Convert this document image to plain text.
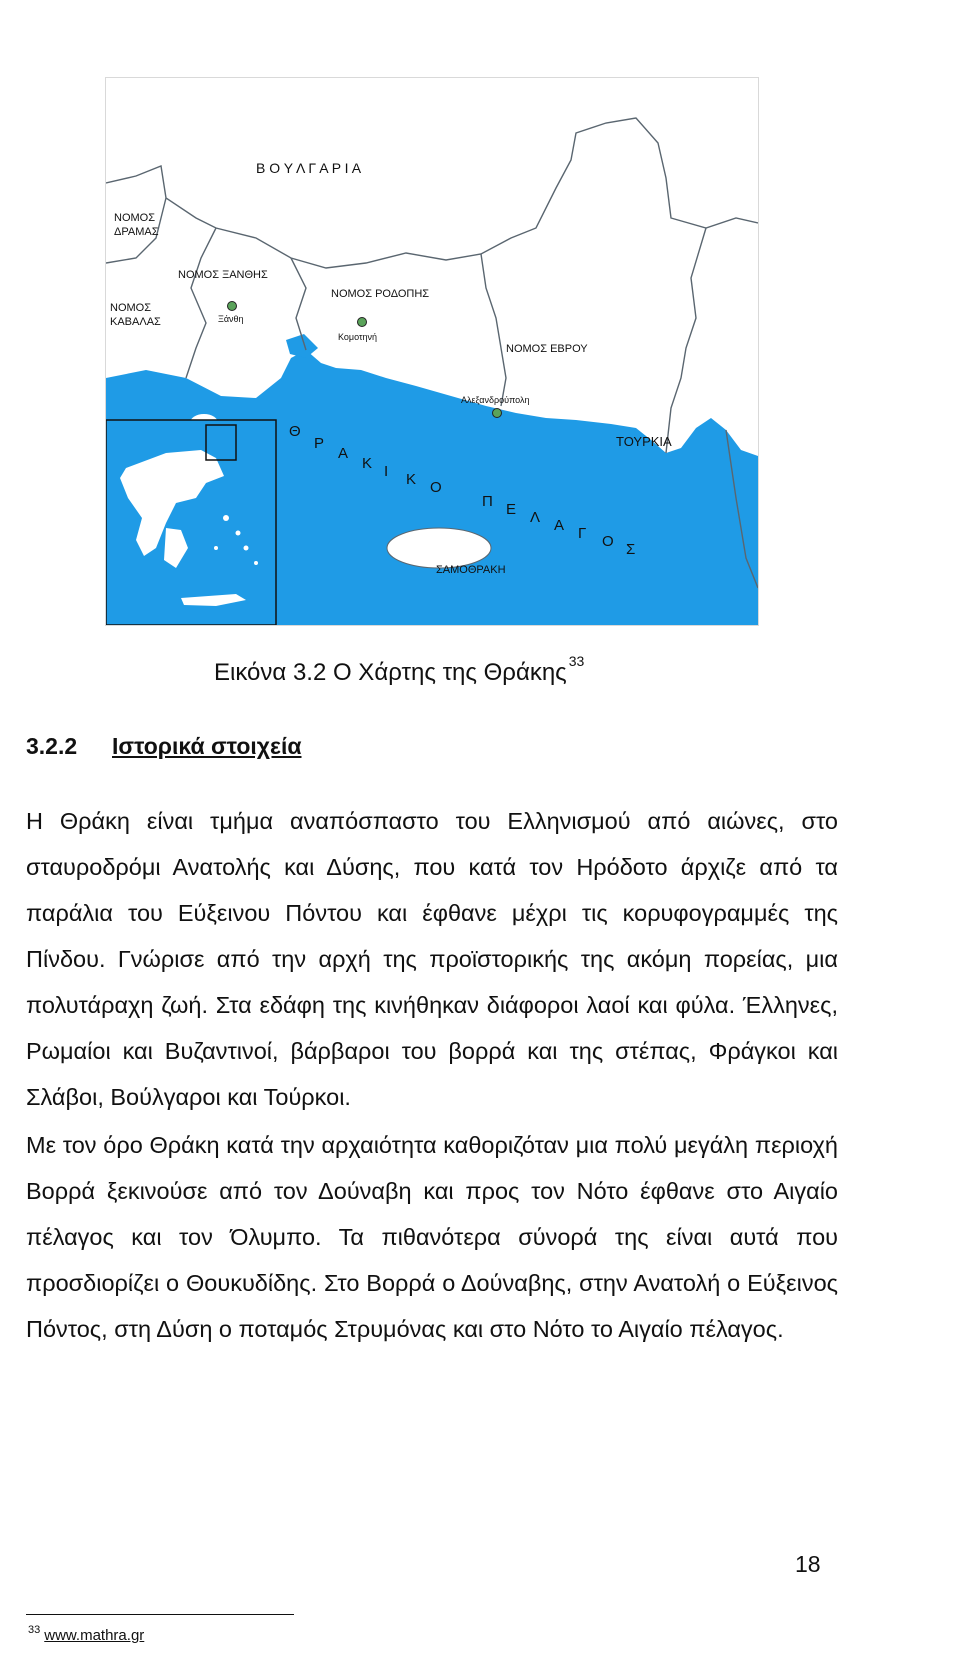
Β Ο Υ Λ Γ Α Ρ Ι Α
ΝΟΜΟΣ
ΔΡΑΜΑΣ
ΝΟΜΟΣ ΞΑΝΘΗΣ
ΝΟΜΟΣ
ΚΑΒΑΛΑΣ	Ξάνθη
ΝΟΜΟΣ ΡΟΔΟΠΗΣ
Κομοτηνή
ΝΟΜΟΣ ΕΒΡΟΥ
Αλεξανδρούπολη
ΤΟΥΡΚΙΑ
Θ
Ρ
Α
Κ Ι Κ Ο
Π Ε Λ Α Γ Ο Σ
ΣΑΜΟΘΡΑΚΗ
Εικόνα 3.2 Ο Χάρτης της Θράκης $^{33}$
3.2.2 Ιστορικά στοιχεία

Η Θράκη είναι τμήμα αναπόσπαστο του Ελληνισμού από αιώνες, στο σταυροδρόμι Ανατολής και Δύσης, που κατά τον Ηρόδοτο άρχιζε από τα παράλια του Εύξεινου Πόντου και έφθανε μέχρι τις κορυφογραμμές της Πίνδου. Γνώρισε από την αρχή της προϊστορικής της ακόμη πορείας, μια πολυτάραχη ζωή. Στα εδάφη της κινήθηκαν διάφοροι λαοί και φύλα. Έλληνες, Ρωμαίοι και Βυζαντινοί, βάρβαροι του βορρά και της στέπας, Φράγκοι και Σλάβοι, Βούλγαροι και Τούρκοι.

Με τον όρο Θράκη κατά την αρχαιότητα καθοριζόταν μια πολύ μεγάλη περιοχή Βορρά ξεκινούσε από τον Δούναβη και προς τον Νότο έφθανε στο Αιγαίο πέλαγος και τον Όλυμπο. Τα πιθανότερα σύνορά της είναι αυτά που προσδιορίζει ο Θουκυδίδης. Στο Βορρά ο Δούναβης, στην Ανατολή ο Εύξεινος Πόντος, στη Δύση ο ποταμός Στρυμόνας και στο Νότο το Αιγαίο πέλαγος.

$^{33}$ www.mathra.gr
18
